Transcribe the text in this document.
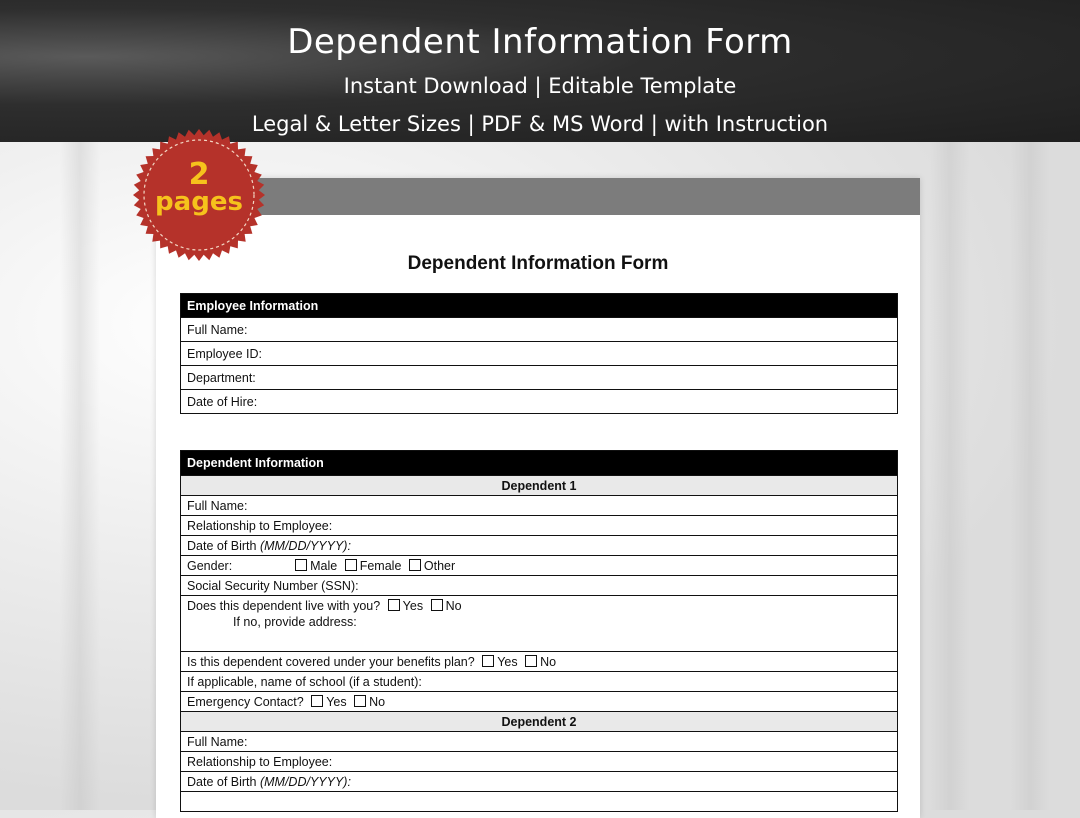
Dependent Information Form
Instant Download | Editable Template
Legal & Letter Sizes | PDF & MS Word | with Instruction
Dependent Information Form
Employee Information
Full Name:
Employee ID:
Department:
Date of Hire:
Dependent Information
Dependent 1
Full Name:
Relationship to Employee:
Date of Birth (MM/DD/YYYY):
Gender:	Male Female Other
Social Security Number (SSN):
Does this dependent live with you? Yes No
If no, provide address:

Is this dependent covered under your benefits plan? Yes No
If applicable, name of school (if a student):
Emergency Contact? Yes No
Dependent 2
Full Name:
Relationship to Employee:
Date of Birth (MM/DD/YYYY):

2
pages
